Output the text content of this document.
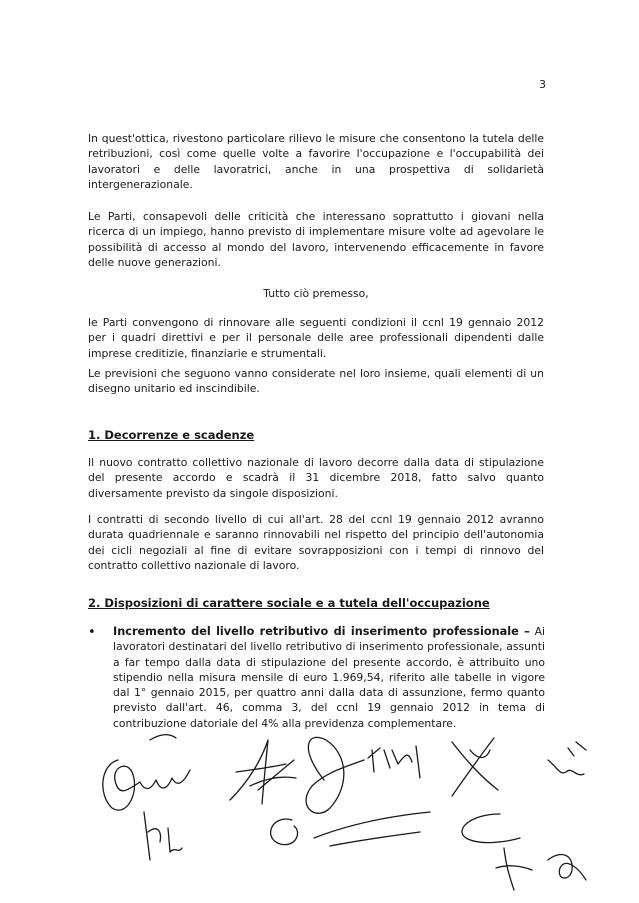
3

In quest'ottica, rivestono particolare rilievo le misure che consentono la tutela delle retribuzioni, così come quelle volte a favorire l'occupazione e l'occupabilità dei lavoratori e delle lavoratrici, anche in una prospettiva di solidarietà intergenerazionale.

Le Parti, consapevoli delle criticità che interessano soprattutto i giovani nella ricerca di un impiego, hanno previsto di implementare misure volte ad agevolare le possibilità di accesso al mondo del lavoro, intervenendo efficacemente in favore delle nuove generazioni.

Tutto ciò premesso,

le Parti convengono di rinnovare alle seguenti condizioni il ccnl 19 gennaio 2012 per i quadri direttivi e per il personale delle aree professionali dipendenti dalle imprese creditizie, finanziarie e strumentali.

Le previsioni che seguono vanno considerate nel loro insieme, quali elementi di un disegno unitario ed inscindibile.

1. Decorrenze e scadenze

Il nuovo contratto collettivo nazionale di lavoro decorre dalla data di stipulazione del presente accordo e scadrà il 31 dicembre 2018, fatto salvo quanto diversamente previsto da singole disposizioni.

I contratti di secondo livello di cui all'art. 28 del ccnl 19 gennaio 2012 avranno durata quadriennale e saranno rinnovabili nel rispetto del principio dell'autonomia dei cicli negoziali al fine di evitare sovrapposizioni con i tempi di rinnovo del contratto collettivo nazionale di lavoro.

2. Disposizioni di carattere sociale e a tutela dell'occupazione

• Incremento del livello retributivo di inserimento professionale – Ai lavoratori destinatari del livello retributivo di inserimento professionale, assunti a far tempo dalla data di stipulazione del presente accordo, è attribuito uno stipendio nella misura mensile di euro 1.969,54, riferito alle tabelle in vigore dal 1° gennaio 2015, per quattro anni dalla data di assunzione, fermo quanto previsto dall'art. 46, comma 3, del ccnl 19 gennaio 2012 in tema di contribuzione datoriale del 4% alla previdenza complementare.
